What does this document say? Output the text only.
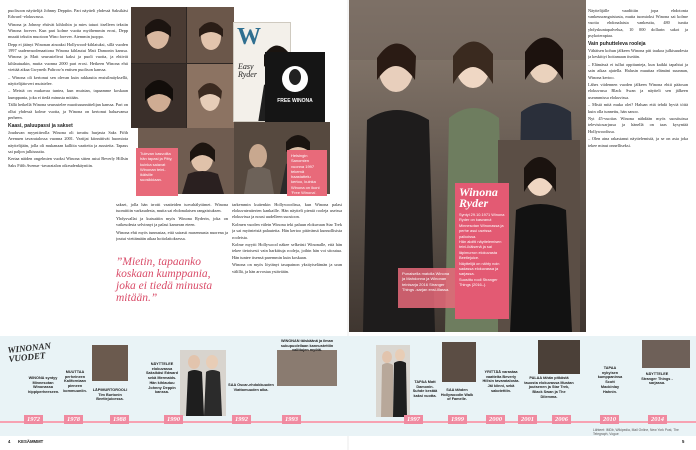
W
Easy Ryder
FREE WINONA
Tulevan kasvoilta hän tapasi ja Pitty, kuinka saiavat Winonan teini-ikäisille suosikkiaan.
Helsingin Sanomien vuonna 1997 tekemä haastattelu kertoo, kuinka Winona on ikoni 'Free Winona'.

puolisoon näyttelijä Johnny Deppiin. Pari näytteli yhdessä Saksikäsi Edward -elokuvassa.

Winona ja Johnny ehtivät kihloihin ja mies tatuoi itselleen tekstin Winona forever. Kun pari kolme vuotta myöhemmin erosi, Depp muutti tekstin muotoon Wino forever. Aiemmin juoppo.

Depp ei jäänyt Winonan ainoaksi Hollywood-kihlatuksi, sillä vuoden 1997 uudenvuodenaattona Winona kihlautui Matt Damonin kanssa. Winona ja Matt seurustelivat kaksi ja puoli vuotta, ja ehtivät kihlautuakin, mutta vuonna 2000 pari erosi. Hetkeen Winona ehti viettää aikaa Gwyneth Paltrow'n entisen puolison kanssa.

– Winona oli kertonut sen olevan kuin rakkautta ensisilmäyksellä, näyttelijätoveri muistelee.

– Meistä on mukavaa tuntea, kun muistan, tapaamme koskaan kumppania, joka ei tiedä minusta mitään.

Tällä hetkellä Winona seurustelee muotisuunnittelijan kanssa. Pari on ollut yhdessä kolme vuotta, ja Winona on kertonut haluavansa perheen.

Kaasi, paluupassi ja sakset

Jouduvan myyntiteolla Winona oli tavattu hurjasta Saks Fifth Avenuen tavaratalossa vuonna 2001. Vartijat kiinnittivät huomiota näyttelijään, jolla oli mukanaan kalliita vaatteita ja asusteita. Tapaus sai paljon julkisuutta.

Kertaa näiden ongelmien vuoksi Winona sitten astui Beverly Hillsin Saks Fifth Avenue -tavaratalon oikeudenkäyntiin.

sakset, jolla hän irrotti vaatteiden turvahälyttimet. Winona tuomittiin varkaudesta, mutta sai ehdonalaisen rangaistuksen.

Yhdysvallat ja kutsuttiin myös Winona Ryderin, joka on vaikeudesta selvinnyt ja palasi kameran eteen.

Winona ehti myös tunnustaa, että sairasti masennusta nuorena ja joutui viettämään aikaa hoitolaitoksessa.

”Mietin, tapaanko koskaan kumppania, joka ei tiedä minusta mitään.”

tarkemmin kuitenkin Hollywoodissa, kun Winona palasi elokuvateatterien kankaille. Hän näytteli pieniä rooleja useissa elokuvissa ja nousi uudelleen suosioon.

Kolmen vuoden välein Winona teki paluun elokuvaan Star Trek ja sai myönteistä palautetta. Hän kertoo pitävänsä kunnollisista rooleista.

Kolme myytti Hollywood näkee selkeästi Winonalle, että hän tekee tietoisesti vain harkittuja rooleja, joihin hän voi sitoutua. Hän tuntee itsensä paremmin kuin koskaan.

Winona on myös löytänyt tasapainon yksityiselämän ja uran välillä, ja hän arvostaa ystäviään.	Punaisella matolla Winona ja Mahdonna ja Winonan teinisarja 2016 Stranger Things -sarjan ensi-illassa.
Winona Ryder
Syntyi 29.10.1971 Winona Ryder on kasvanut Minnesotan Winonassa ja perhe asui useissa paikoissa.
Hän aloitti näyttelemisen teini-ikäisenä ja sai läpimurron elokuvasta Beetlejuice.
Näyttelijä on nähty noin sadassa elokuvassa ja sarjassa.
Suosittu rooli Stranger Things (2016–).

Näyttelijälle vaadittiin jopa ehdotonta vankeusrangaistusta, mutta tuomioksi Winona sai kolme vuotta ehdonalaista vankeutta, 480 tuntia yhdyskuntapalvelua, 10 000 dollarin sakot ja psykoterapiaa.

Vain puhutteleva rooleja

Vähäisen kohun jälkeen Winona piti taukoa julkisuudesta ja keskittyi hoitamaan itseään.

– Elämässä ei tullut oppitunteja, kun kaikki tapahtui ja sain aikaa ajatella. Halusin muuttaa elämäni suunnan, Winona kertoo.

Lähes viidennen vuoden jälkeen Winona ehtii pääosan elokuvassa Black Swan ja näytteli sen jälkeen useammissa elokuvissa.

– Mistä mitä muka olet? Haluan että tehdä hyviä töitä kuin olla tunnettu, hän sanoo.

Nyt 45-vuotias Winona nähdään myös suosituissa televisiosarjassa ja hänellä on taas kysyntää Hollywoodissa.

– Olen aina rakastanut näyttelemistä, ja se on asia joka tekee minut onnelliseksi.

WINONAN VUODET
WINONA syntyy Minnesotan Winonassa hippiperheeseen.
MUUTTAA perheineen Kaliforniaan pieneen kommuuniin.	LÄPIMURTOROOLI Tim Burtonin Beetlejuicessa.
NÄYTTELEE elokuvassa Saksikäsi Edward sekä Mermaids. Hän kihlautuu Johnny Deppin kanssa.
SAA Oscar-ehdokkuuden Viattomuuden aika.
WINONAN täiskäänä ja ilman sukupuolellaan kannustettiin valittujen myötä.
TAPAA Matt Damonin. Suhde kestää kaksi vuotta.
SAA tähden Hollywoodin Walk of Famelle.
YRITTÄÄ varastaa vaatteita Beverly Hillsin tavaratalosta. Jäi kiinni, sekä sakotettiin.
PALAA tähän pitkästä tauosta elokuvassa Mustan joutsenen ja Star Trek, Black Swan ja The Dilemma.
TAPAA nykyisen kumppaninsa Scott Mackinlay Hahnin.
NÄYTTELEE Stranger Things -sarjassa.
1972	1978	1988	1990	1992	1993	1997	1999	2000	2001	2006	2010	2014
Lähteet: IMDb, Wikipedia, Mail Online, New York Post, The Telegraph, Vogue
4 KESÄMMMT	5
